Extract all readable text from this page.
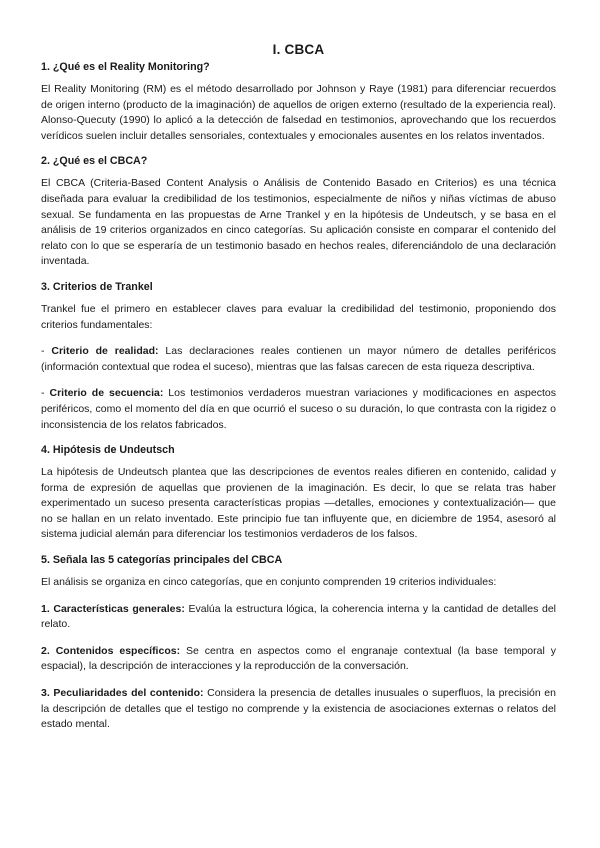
I. CBCA
1. ¿Qué es el Reality Monitoring?

El Reality Monitoring (RM) es el método desarrollado por Johnson y Raye (1981) para diferenciar recuerdos de origen interno (producto de la imaginación) de aquellos de origen externo (resultado de la experiencia real). Alonso-Quecuty (1990) lo aplicó a la detección de falsedad en testimonios, aprovechando que los recuerdos verídicos suelen incluir detalles sensoriales, contextuales y emocionales ausentes en los relatos inventados.

2. ¿Qué es el CBCA?

El CBCA (Criteria-Based Content Analysis o Análisis de Contenido Basado en Criterios) es una técnica diseñada para evaluar la credibilidad de los testimonios, especialmente de niños y niñas víctimas de abuso sexual. Se fundamenta en las propuestas de Arne Trankel y en la hipótesis de Undeutsch, y se basa en el análisis de 19 criterios organizados en cinco categorías. Su aplicación consiste en comparar el contenido del relato con lo que se esperaría de un testimonio basado en hechos reales, diferenciándolo de una declaración inventada.

3. Criterios de Trankel

Trankel fue el primero en establecer claves para evaluar la credibilidad del testimonio, proponiendo dos criterios fundamentales:

- Criterio de realidad: Las declaraciones reales contienen un mayor número de detalles periféricos (información contextual que rodea el suceso), mientras que las falsas carecen de esta riqueza descriptiva.

- Criterio de secuencia: Los testimonios verdaderos muestran variaciones y modificaciones en aspectos periféricos, como el momento del día en que ocurrió el suceso o su duración, lo que contrasta con la rigidez o inconsistencia de los relatos fabricados.

4. Hipótesis de Undeutsch

La hipótesis de Undeutsch plantea que las descripciones de eventos reales difieren en contenido, calidad y forma de expresión de aquellas que provienen de la imaginación. Es decir, lo que se relata tras haber experimentado un suceso presenta características propias —detalles, emociones y contextualización— que no se hallan en un relato inventado. Este principio fue tan influyente que, en diciembre de 1954, asesoró al sistema judicial alemán para diferenciar los testimonios verdaderos de los falsos.

5. Señala las 5 categorías principales del CBCA

El análisis se organiza en cinco categorías, que en conjunto comprenden 19 criterios individuales:

1. Características generales: Evalúa la estructura lógica, la coherencia interna y la cantidad de detalles del relato.

2. Contenidos específicos: Se centra en aspectos como el engranaje contextual (la base temporal y espacial), la descripción de interacciones y la reproducción de la conversación.

3. Peculiaridades del contenido: Considera la presencia de detalles inusuales o superfluos, la precisión en la descripción de detalles que el testigo no comprende y la existencia de asociaciones externas o relatos del estado mental.
